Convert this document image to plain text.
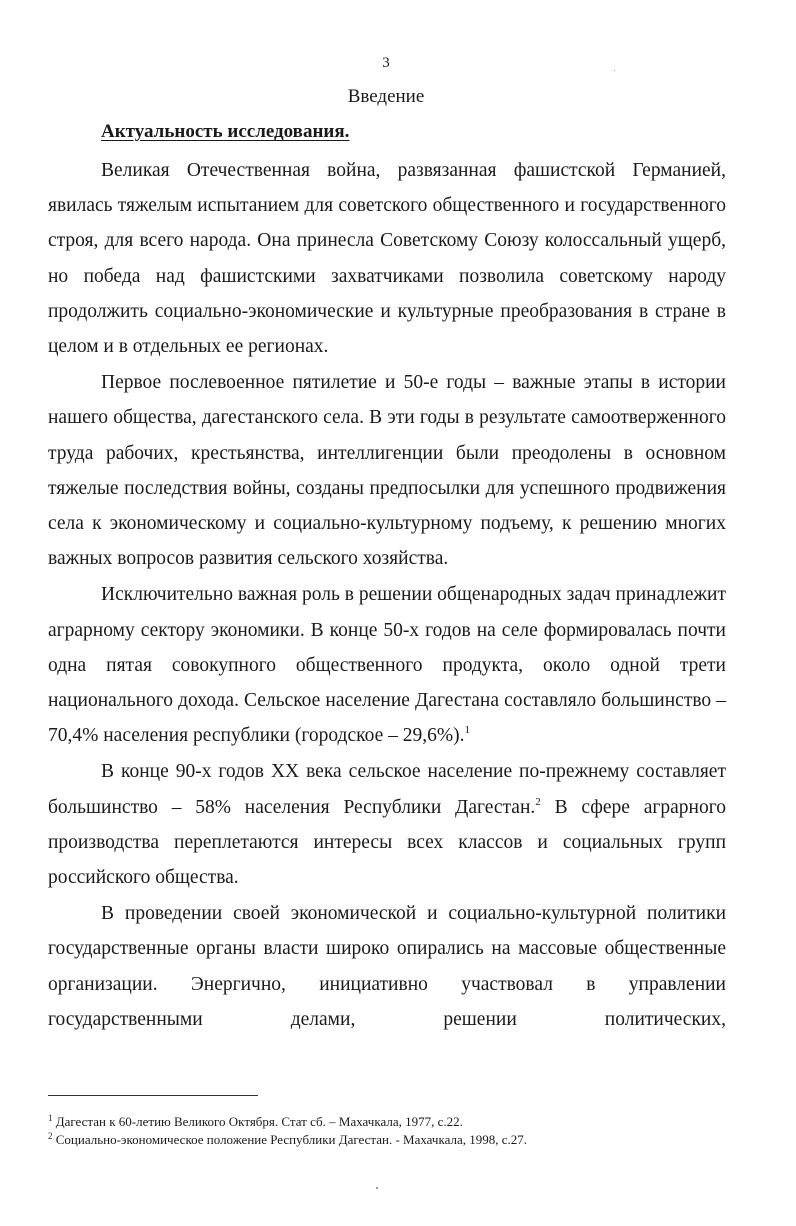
3
Введение
Актуальность исследования.

Великая Отечественная война, развязанная фашистской Германией, явилась тяжелым испытанием для советского общественного и государственного строя, для всего народа. Она принесла Советскому Союзу колоссальный ущерб, но победа над фашистскими захватчиками позволила советскому народу продолжить социально-экономические и культурные преобразования в стране в целом и в отдельных ее регионах.

Первое послевоенное пятилетие и 50-е годы – важные этапы в истории нашего общества, дагестанского села. В эти годы в результате самоотверженного труда рабочих, крестьянства, интеллигенции были преодолены в основном тяжелые последствия войны, созданы предпосылки для успешного продвижения села к экономическому и социально-культурному подъему, к решению многих важных вопросов развития сельского хозяйства.

Исключительно важная роль в решении общенародных задач принадлежит аграрному сектору экономики. В конце 50-х годов на селе формировалась почти одна пятая совокупного общественного продукта, около одной трети национального дохода. Сельское население Дагестана составляло большинство – 70,4% населения республики (городское – 29,6%).$^1$

В конце 90-х годов XX века сельское население по-прежнему составляет большинство – 58% населения Республики Дагестан.$^2$ В сфере аграрного производства переплетаются интересы всех классов и социальных групп российского общества.

В проведении своей экономической и социально-культурной политики государственные органы власти широко опирались на массовые общественные организации. Энергично, инициативно участвовал в управлении государственными делами, решении политических,

$^1$ Дагестан к 60-летию Великого Октября. Стат сб. – Махачкала, 1977, с.22.

$^2$ Социально-экономическое положение Республики Дагестан. - Махачкала, 1998, с.27.
